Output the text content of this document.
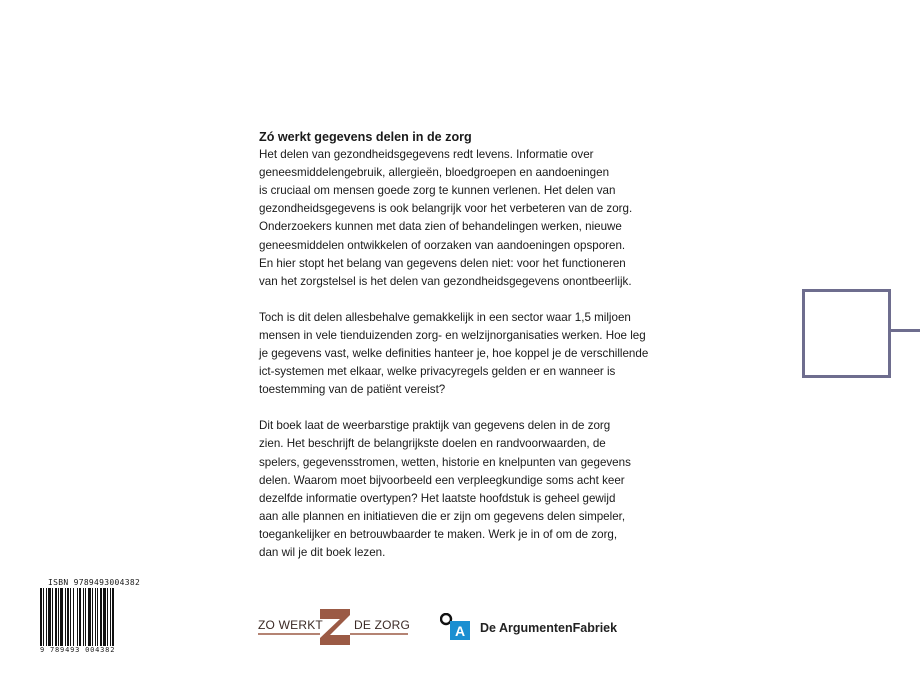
Zó werkt gegevens delen in de zorg

Het delen van gezondheidsgegevens redt levens. Informatie over
geneesmiddelengebruik, allergieën, bloedgroepen en aandoeningen
is cruciaal om mensen goede zorg te kunnen verlenen. Het delen van
gezondheidsgegevens is ook belangrijk voor het verbeteren van de zorg.
Onderzoekers kunnen met data zien of behandelingen werken, nieuwe
geneesmiddelen ontwikkelen of oorzaken van aandoeningen opsporen.
En hier stopt het belang van gegevens delen niet: voor het functioneren
van het zorgstelsel is het delen van gezondheidsgegevens onontbeerlijk.
Toch is dit delen allesbehalve gemakkelijk in een sector waar 1,5 miljoen
mensen in vele tienduizenden zorg- en welzijnorganisaties werken. Hoe leg
je gegevens vast, welke definities hanteer je, hoe koppel je de verschillende
ict-systemen met elkaar, welke privacyregels gelden er en wanneer is
toestemming van de patiënt vereist?
Dit boek laat de weerbarstige praktijk van gegevens delen in de zorg
zien. Het beschrijft de belangrijkste doelen en randvoorwaarden, de
spelers, gegevensstromen, wetten, historie en knelpunten van gegevens
delen. Waarom moet bijvoorbeeld een verpleegkundige soms acht keer
dezelfde informatie overtypen? Het laatste hoofdstuk is geheel gewijd
aan alle plannen en initiatieven die er zijn om gegevens delen simpeler,
toegankelijker en betrouwbaarder te maken. Werk je in of om de zorg,
dan wil je dit boek lezen.
ISBN 9789493004382
9 789493 004382
ZO WERKT	DE ZORG	A De ArgumentenFabriek
